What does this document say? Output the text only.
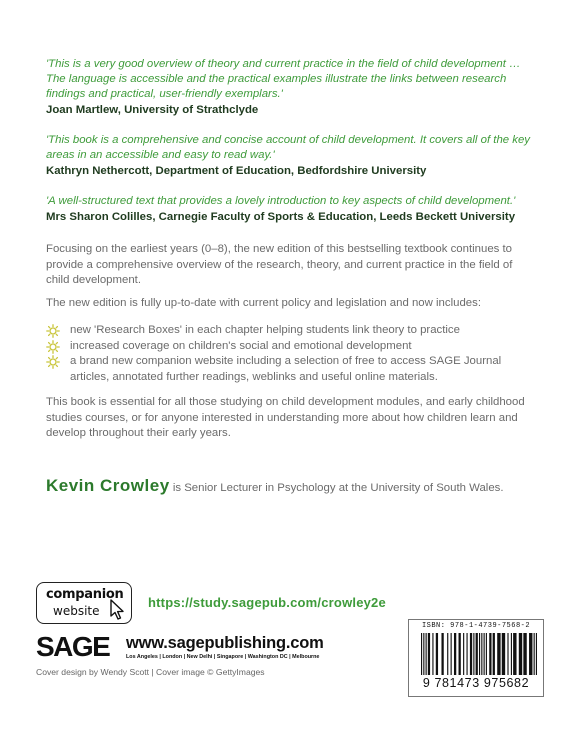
'This is a very good overview of theory and current practice in the field of child development … The language is accessible and the practical examples illustrate the links between research findings and practical, user-friendly exemplars.'

Joan Martlew, University of Strathclyde

'This book is a comprehensive and concise account of child development. It covers all of the key areas in an accessible and easy to read way.'

Kathryn Nethercott, Department of Education, Bedfordshire University

'A well-structured text that provides a lovely introduction to key aspects of child development.'

Mrs Sharon Colilles, Carnegie Faculty of Sports & Education, Leeds Beckett University

Focusing on the earliest years (0–8), the new edition of this bestselling textbook continues to provide a comprehensive overview of the research, theory, and current practice in the field of child development.

The new edition is fully up-to-date with current policy and legislation and now includes:

new 'Research Boxes' in each chapter helping students link theory to practice
increased coverage on children's social and emotional development
a brand new companion website including a selection of free to access SAGE Journal articles, annotated further readings, weblinks and useful online materials.

This book is essential for all those studying on child development modules, and early childhood studies courses, or for anyone interested in understanding more about how children learn and develop throughout their early years.

Kevin Crowley is Senior Lecturer in Psychology at the University of South Wales.

companion
website

https://study.sagepub.com/crowley2e

SAGE www.sagepublishing.com

Los Angeles | London | New Delhi | Singapore | Washington DC | Melbourne

Cover design by Wendy Scott | Cover image © GettyImages

ISBN: 978-1-4739-7568-2

9 781473 975682
